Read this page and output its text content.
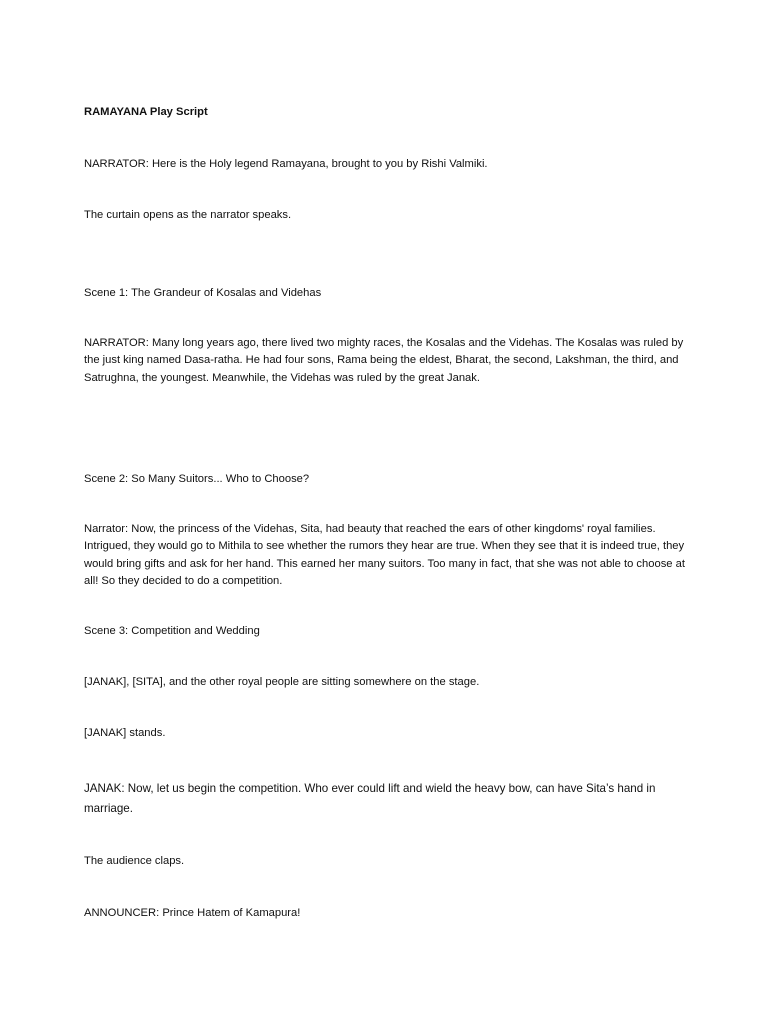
RAMAYANA Play Script

NARRATOR: Here is the Holy legend Ramayana, brought to you by Rishi Valmiki.

The curtain opens as the narrator speaks.

Scene 1: The Grandeur of Kosalas and Videhas

NARRATOR: Many long years ago, there lived two mighty races, the Kosalas and the Videhas. The Kosalas was ruled by the just king named Dasa-ratha. He had four sons, Rama being the eldest, Bharat, the second, Lakshman, the third, and Satrughna, the youngest. Meanwhile, the Videhas was ruled by the great Janak.

Scene 2: So Many Suitors... Who to Choose?

Narrator: Now, the princess of the Videhas, Sita, had beauty that reached the ears of other kingdoms' royal families. Intrigued, they would go to Mithila to see whether the rumors they hear are true. When they see that it is indeed true, they would bring gifts and ask for her hand. This earned her many suitors. Too many in fact, that she was not able to choose at all! So they decided to do a competition.

Scene 3: Competition and Wedding

[JANAK], [SITA], and the other royal people are sitting somewhere on the stage.

[JANAK] stands.

JANAK: Now, let us begin the competition. Who ever could lift and wield the heavy bow, can have Sita’s hand in marriage.

The audience claps.

ANNOUNCER: Prince Hatem of Kamapura!
